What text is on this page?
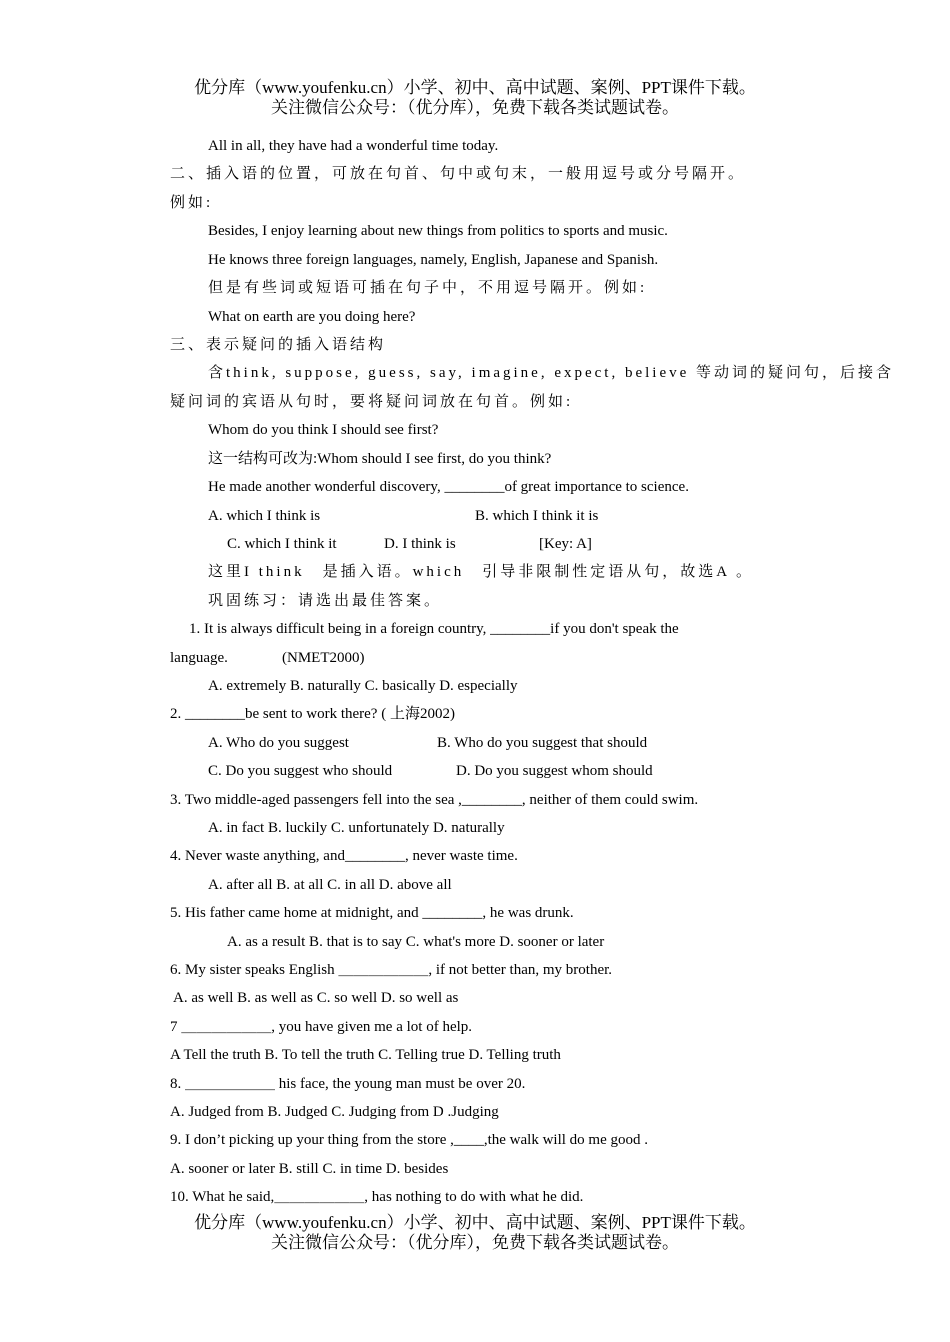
优分库（www.youfenku.cn）小学、初中、高中试题、案例、PPT课件下载。
关注微信公众号：（优分库），免费下载各类试题试卷。
All in all, they have had a wonderful time today.
二、插入语的位置，可放在句首、句中或句末，一般用逗号或分号隔开。
例如:
Besides, I enjoy learning about new things from politics to sports and music.
He knows three foreign languages, namely, English, Japanese and Spanish.
但是有些词或短语可插在句子中，不用逗号隔开。例如:
What on earth are you doing here?
三、表示疑问的插入语结构
含think, suppose, guess, say, imagine, expect, believe 等动词的疑问句，后接含
疑问词的宾语从句时，要将疑问词放在句首。例如:
Whom do you think I should see first?
这一结构可改为:Whom should I see first, do you think?
He made another wonderful discovery, ________of great importance to science.
A. which I think is	B. which I think it is
C. which I think it	D. I think is	[Key: A]
这里I think　是插入语。which　引导非限制性定语从句，故选A 。
巩固练习：请选出最佳答案。
1. It is always difficult being in a foreign country, ________if you don't speak the
language.	(NMET2000)
A. extremely B. naturally C. basically D. especially
2. ________be sent to work there? ( 上海2002)
A. Who do you suggest	B. Who do you suggest that should
C. Do you suggest who should	D. Do you suggest whom should
3. Two middle-aged passengers fell into the sea ,________, neither of them could swim.
A. in fact B. luckily C. unfortunately D. naturally
4. Never waste anything, and________, never waste time.
A. after all B. at all C. in all D. above all
5. His father came home at midnight, and ________, he was drunk.
A. as a result B. that is to say C. what's more D. sooner or later
6. My sister speaks English ＿＿＿＿＿＿, if not better than, my brother.
A. as well B. as well as C. so well D. so well as
7 ＿＿＿＿＿＿, you have given me a lot of help.
A Tell the truth B. To tell the truth C. Telling true D. Telling truth
8. ＿＿＿＿＿＿ his face, the young man must be over 20.
A. Judged from B. Judged C. Judging from D .Judging
9. I don’t picking up your thing from the store ,____,the walk will do me good .
A. sooner or later B. still C. in time D. besides
10. What he said,＿＿＿＿＿＿, has nothing to do with what he did.
优分库（www.youfenku.cn）小学、初中、高中试题、案例、PPT课件下载。
关注微信公众号：（优分库），免费下载各类试题试卷。
